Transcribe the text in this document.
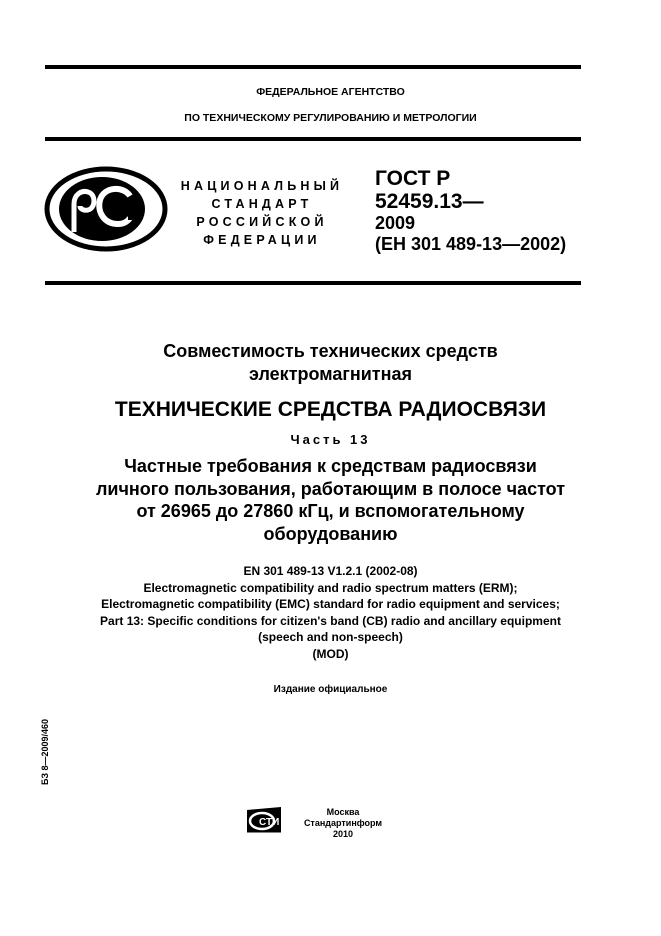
ФЕДЕРАЛЬНОЕ АГЕНТСТВО
ПО ТЕХНИЧЕСКОМУ РЕГУЛИРОВАНИЮ И МЕТРОЛОГИИ
НАЦИОНАЛЬНЫЙ
СТАНДАРТ
РОССИЙСКОЙ
ФЕДЕРАЦИИ
ГОСТ Р
52459.13—
2009
(ЕН 301 489-13—2002)
Совместимость технических средств
электромагнитная
ТЕХНИЧЕСКИЕ СРЕДСТВА РАДИОСВЯЗИ
Часть 13
Частные требования к средствам радиосвязи
личного пользования, работающим в полосе частот
от 26965 до 27860 кГц, и вспомогательному
оборудованию
EN 301 489-13 V1.2.1 (2002-08)
Electromagnetic compatibility and radio spectrum matters (ERM);
Electromagnetic compatibility (EMC) standard for radio equipment and services;
Part 13: Specific conditions for citizen's band (CB) radio and ancillary equipment
(speech and non-speech)
(MOD)
Издание официальное
БЗ 8—2009/460
СТИ
Москва
Стандартинформ
2010
